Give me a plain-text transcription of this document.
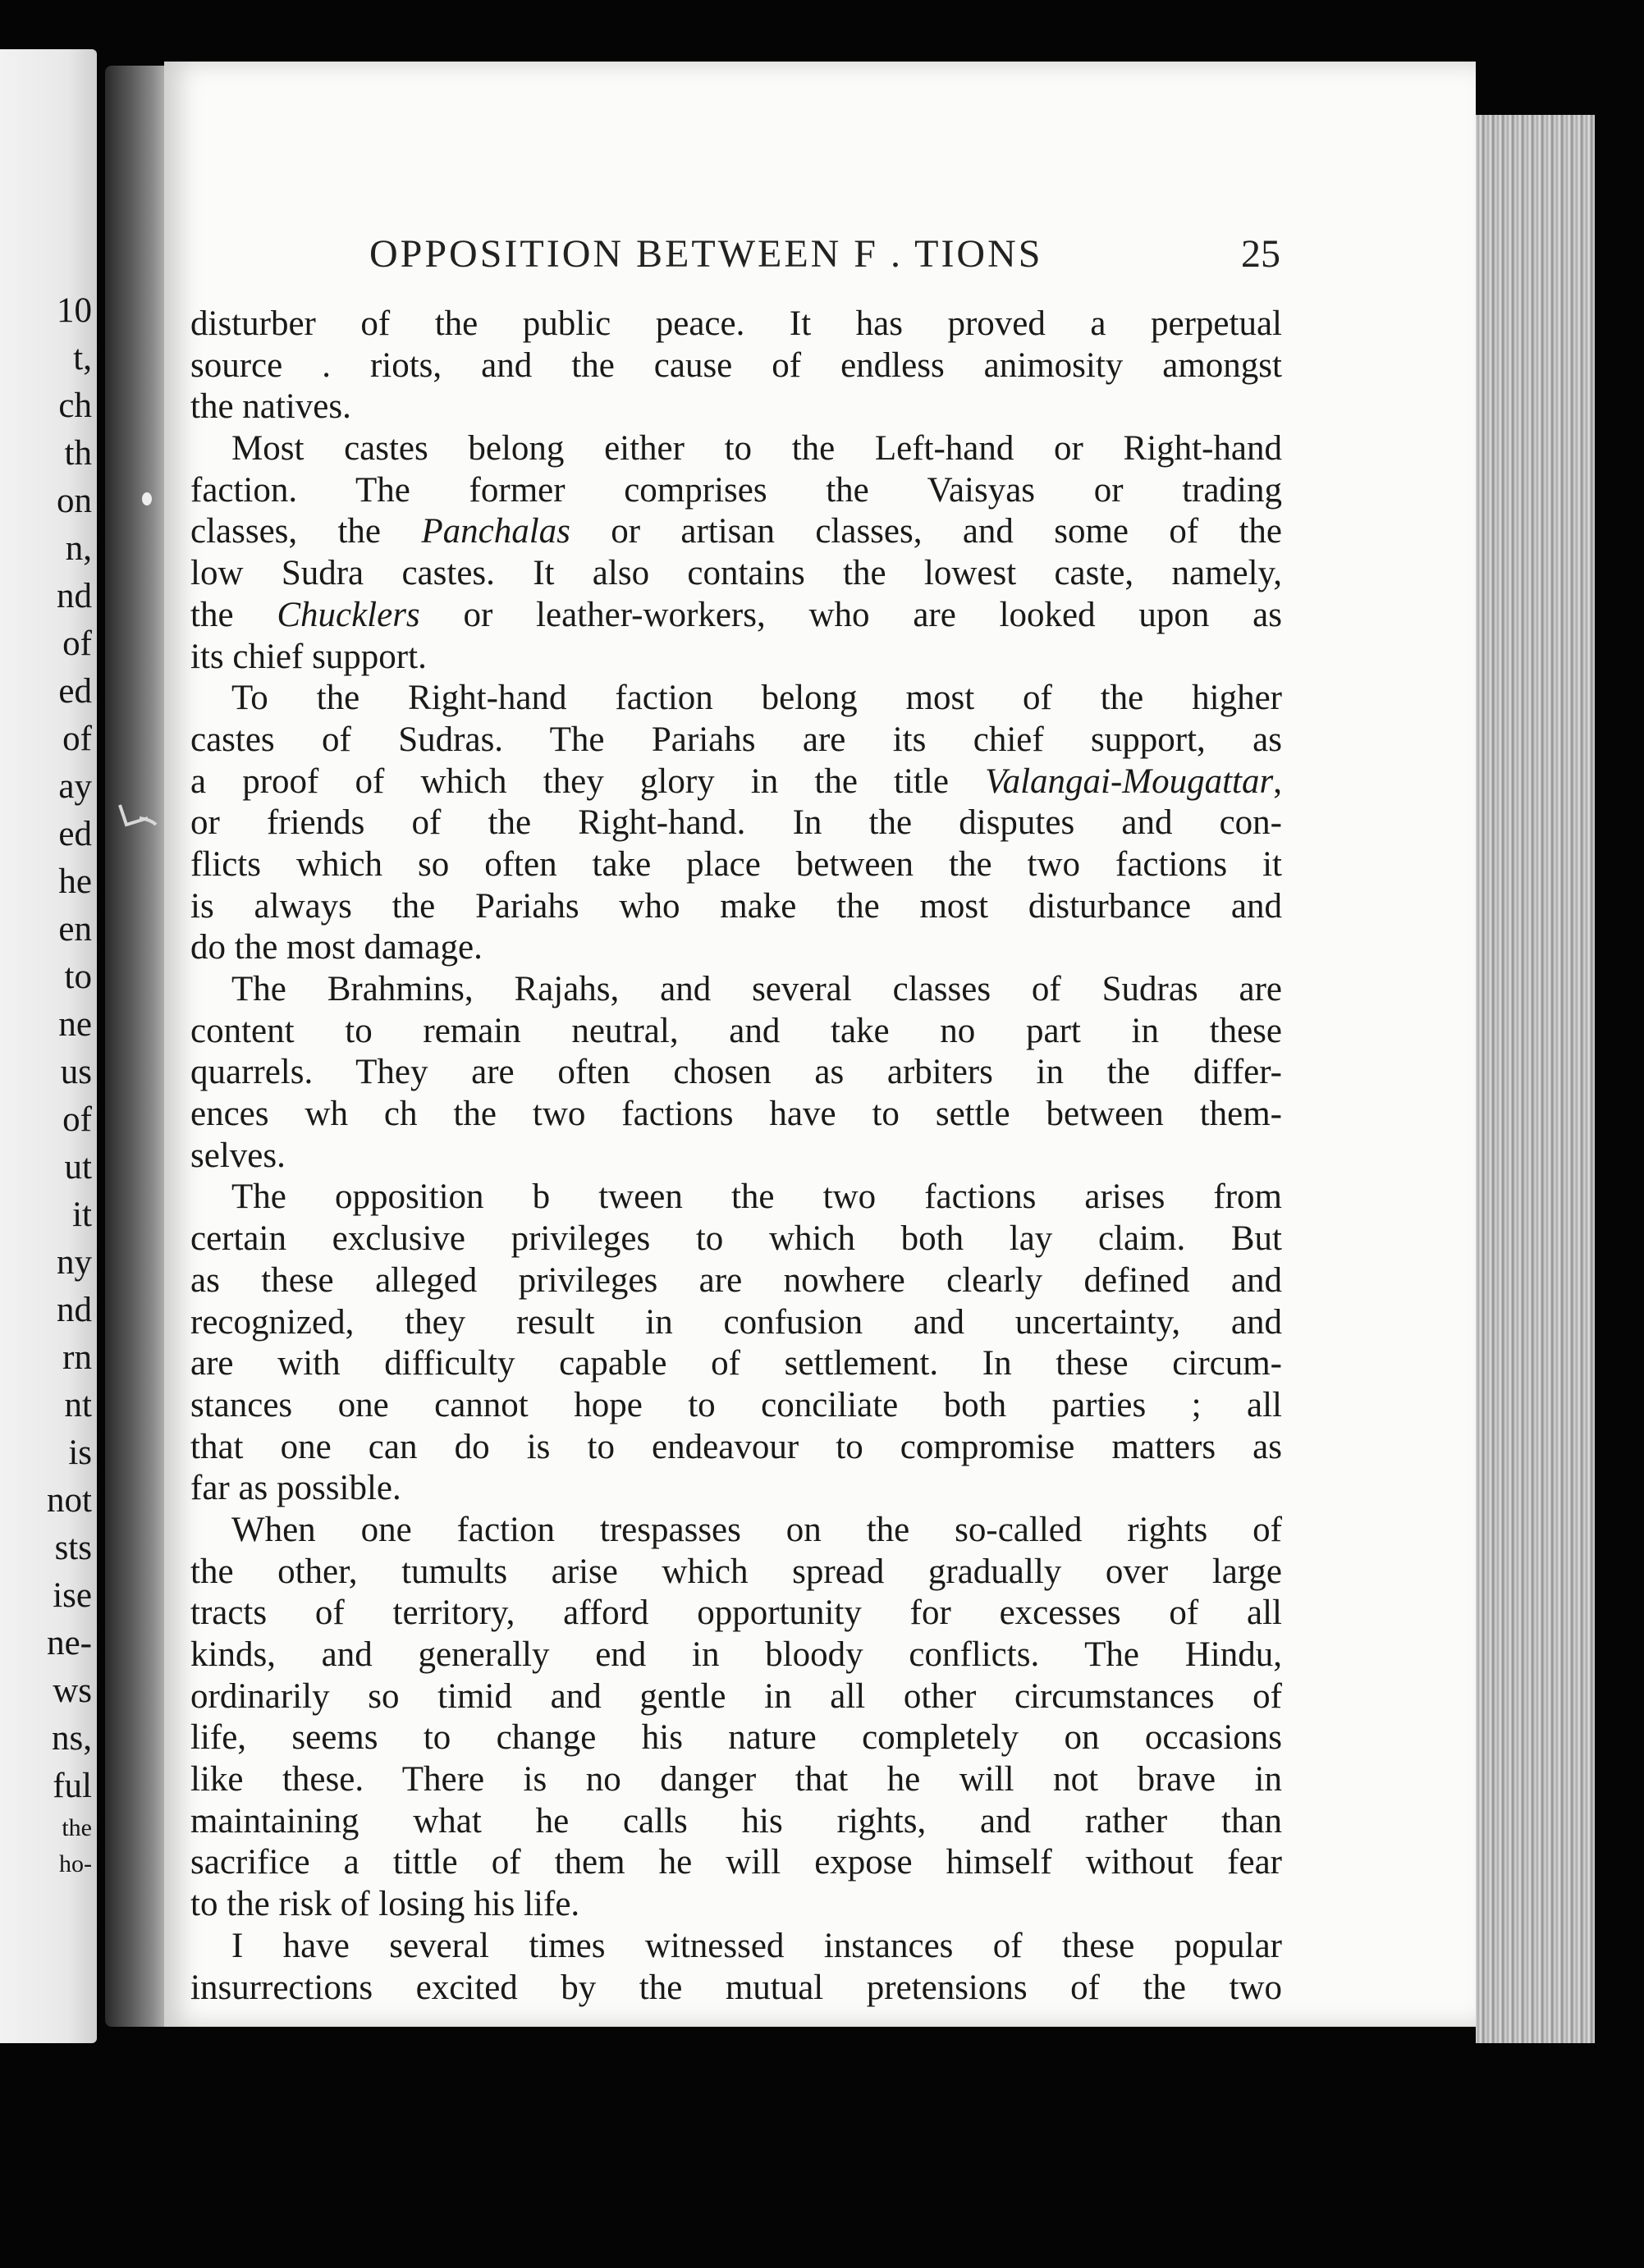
10
t,
ch
th
on
n,
nd
of
ed
of
ay
ed
he
en
to
ne
us
of
ut
it
ny
nd
rn
nt
is
not
sts
ise
ne-
ws
ns,
ful
the
ho-
OPPOSITION BETWEEN F . TIONS	25
disturber of the public peace. It has proved a perpetual
source . riots, and the cause of endless animosity amongst
the natives.
Most castes belong either to the Left-hand or Right-hand
faction. The former comprises the Vaisyas or trading
classes, the Panchalas or artisan classes, and some of the
low Sudra castes. It also contains the lowest caste, namely,
the Chucklers or leather-workers, who are looked upon as
its chief support.
To the Right-hand faction belong most of the higher
castes of Sudras. The Pariahs are its chief support, as
a proof of which they glory in the title Valangai-Mougattar,
or friends of the Right-hand. In the disputes and con-
flicts which so often take place between the two factions it
is always the Pariahs who make the most disturbance and
do the most damage.
The Brahmins, Rajahs, and several classes of Sudras are
content to remain neutral, and take no part in these
quarrels. They are often chosen as arbiters in the differ-
ences wh ch the two factions have to settle between them-
selves.
The opposition b tween the two factions arises from
certain exclusive privileges to which both lay claim. But
as these alleged privileges are nowhere clearly defined and
recognized, they result in confusion and uncertainty, and
are with difficulty capable of settlement. In these circum-
stances one cannot hope to conciliate both parties ; all
that one can do is to endeavour to compromise matters as
far as possible.
When one faction trespasses on the so-called rights of
the other, tumults arise which spread gradually over large
tracts of territory, afford opportunity for excesses of all
kinds, and generally end in bloody conflicts. The Hindu,
ordinarily so timid and gentle in all other circumstances of
life, seems to change his nature completely on occasions
like these. There is no danger that he will not brave in
maintaining what he calls his rights, and rather than
sacrifice a tittle of them he will expose himself without fear
to the risk of losing his life.
I have several times witnessed instances of these popular
insurrections excited by the mutual pretensions of the two
